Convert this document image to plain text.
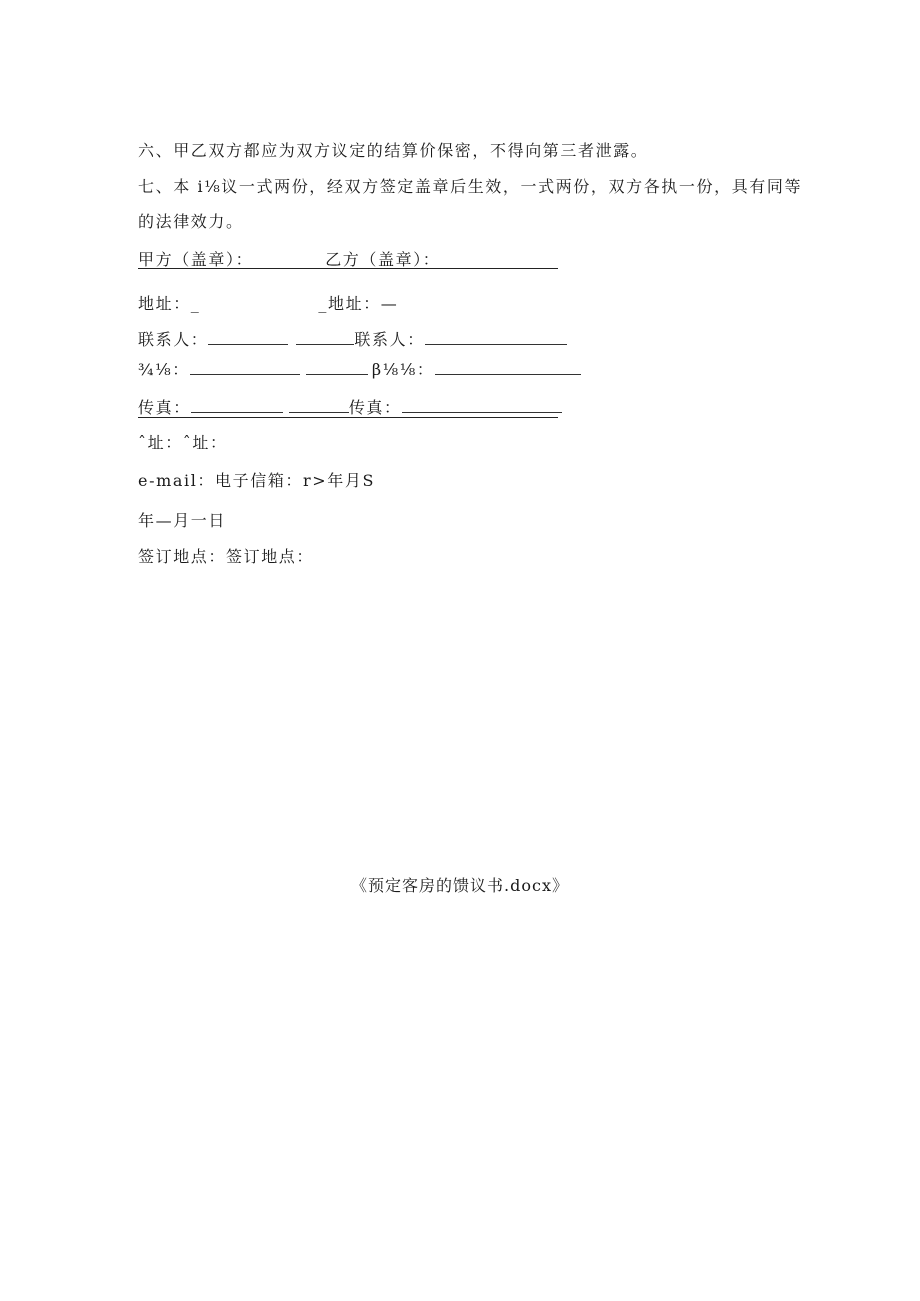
六、甲乙双方都应为双方议定的结算价保密，不得向第三者泄露。
七、本 i⅛议一式两份，经双方签定盖章后生效，一式两份，双方各执一份，具有同等
的法律效力。
甲方（盖章）：	乙方（盖章）：
地址：_	_地址：—
联系人：	联系人：
¾⅛：	β⅛⅛：
传真：	传真：
ˆ址：ˆ址：
e-mail：电子信箱：r>年月S
年—月一日
签订地点：签订地点：
《预定客房的馈议书.docx》
